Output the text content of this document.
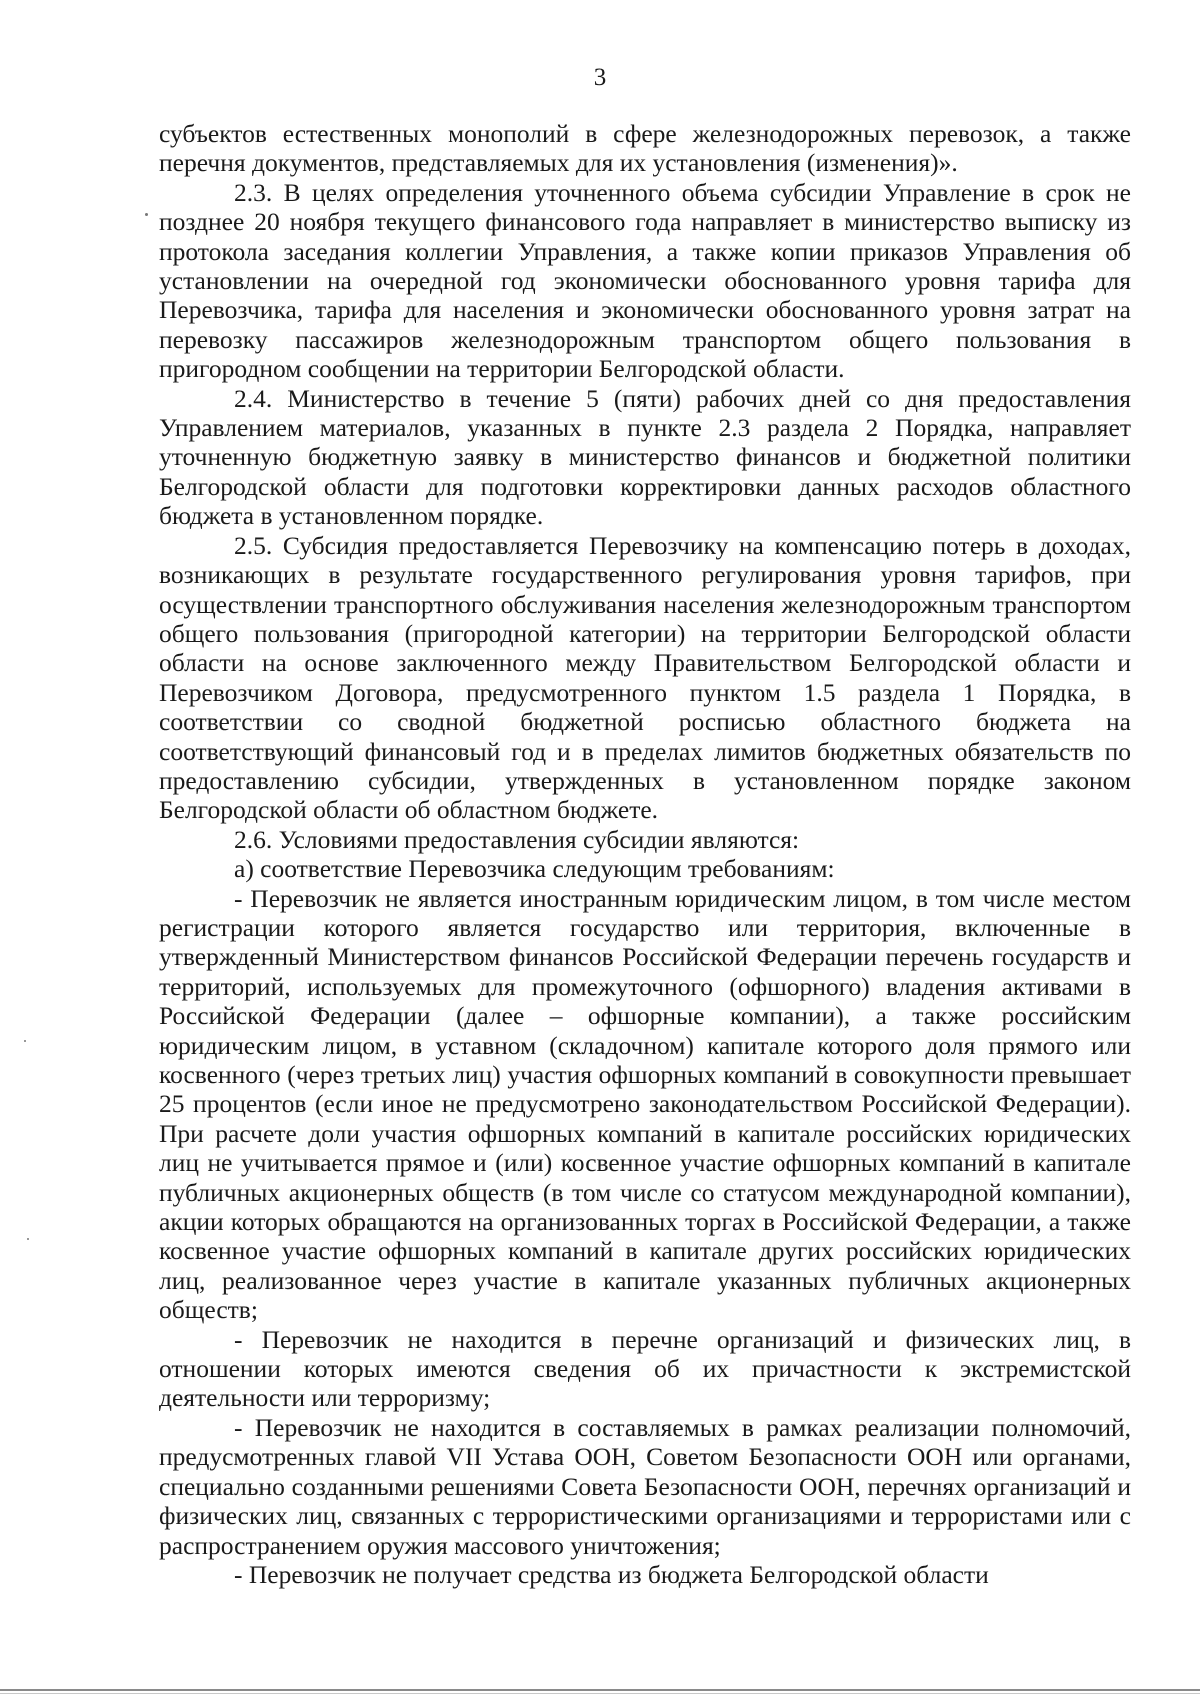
3

субъектов естественных монополий в сфере железнодорожных перевозок, а также перечня документов, представляемых для их установления (изменения)».

2.3. В целях определения уточненного объема субсидии Управление в срок не позднее 20 ноября текущего финансового года направляет в министерство выписку из протокола заседания коллегии Управления, а также копии приказов Управления об установлении на очередной год экономически обоснованного уровня тарифа для Перевозчика, тарифа для населения и экономически обоснованного уровня затрат на перевозку пассажиров железнодорожным транспортом общего пользования в пригородном сообщении на территории Белгородской области.

2.4. Министерство в течение 5 (пяти) рабочих дней со дня предоставления Управлением материалов, указанных в пункте 2.3 раздела 2 Порядка, направляет уточненную бюджетную заявку в министерство финансов и бюджетной политики Белгородской области для подготовки корректировки данных расходов областного бюджета в установленном порядке.

2.5. Субсидия предоставляется Перевозчику на компенсацию потерь в доходах, возникающих в результате государственного регулирования уровня тарифов, при осуществлении транспортного обслуживания населения железнодорожным транспортом общего пользования (пригородной категории) на территории Белгородской области области на основе заключенного между Правительством Белгородской области и Перевозчиком Договора, предусмотренного пунктом 1.5 раздела 1 Порядка, в соответствии со сводной бюджетной росписью областного бюджета на соответствующий финансовый год и в пределах лимитов бюджетных обязательств по предоставлению субсидии, утвержденных в установленном порядке законом Белгородской области об областном бюджете.

2.6. Условиями предоставления субсидии являются:

а) соответствие Перевозчика следующим требованиям:

- Перевозчик не является иностранным юридическим лицом, в том числе местом регистрации которого является государство или территория, включенные в утвержденный Министерством финансов Российской Федерации перечень государств и территорий, используемых для промежуточного (офшорного) владения активами в Российской Федерации (далее – офшорные компании), а также российским юридическим лицом, в уставном (складочном) капитале которого доля прямого или косвенного (через третьих лиц) участия офшорных компаний в совокупности превышает 25 процентов (если иное не предусмотрено законодательством Российской Федерации). При расчете доли участия офшорных компаний в капитале российских юридических лиц не учитывается прямое и (или) косвенное участие офшорных компаний в капитале публичных акционерных обществ (в том числе со статусом международной компании), акции которых обращаются на организованных торгах в Российской Федерации, а также косвенное участие офшорных компаний в капитале других российских юридических лиц, реализованное через участие в капитале указанных публичных акционерных обществ;

- Перевозчик не находится в перечне организаций и физических лиц, в отношении которых имеются сведения об их причастности к экстремистской деятельности или терроризму;

- Перевозчик не находится в составляемых в рамках реализации полномочий, предусмотренных главой VII Устава ООН, Советом Безопасности ООН или органами, специально созданными решениями Совета Безопасности ООН, перечнях организаций и физических лиц, связанных с террористическими организациями и террористами или с распространением оружия массового уничтожения;

- Перевозчик не получает средства из бюджета Белгородской области
